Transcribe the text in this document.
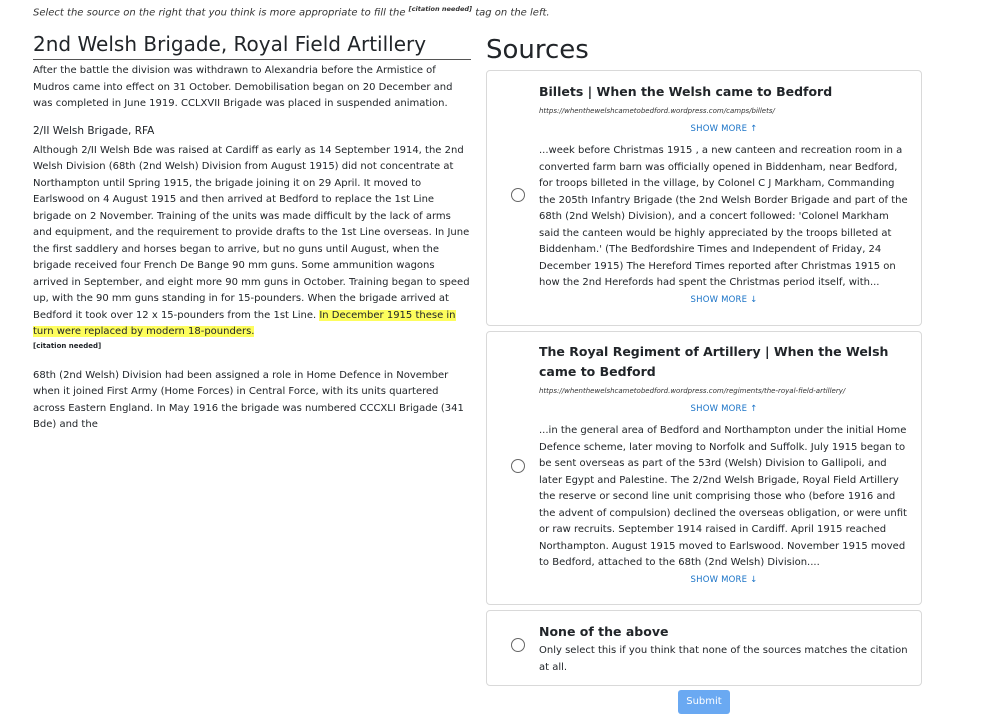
Select the source on the right that you think is more appropriate to fill the [citation needed] tag on the left.
2nd Welsh Brigade, Royal Field Artillery

After the battle the division was withdrawn to Alexandria before the Armistice of Mudros came into effect on 31 October. Demobilisation began on 20 December and was completed in June 1919. CCLXVII Brigade was placed in suspended animation.

2/II Welsh Brigade, RFA

Although 2/II Welsh Bde was raised at Cardiff as early as 14 September 1914, the 2nd Welsh Division (68th (2nd Welsh) Division from August 1915) did not concentrate at Northampton until Spring 1915, the brigade joining it on 29 April. It moved to Earlswood on 4 August 1915 and then arrived at Bedford to replace the 1st Line brigade on 2 November. Training of the units was made difficult by the lack of arms and equipment, and the requirement to provide drafts to the 1st Line overseas. In June the first saddlery and horses began to arrive, but no guns until August, when the brigade received four French De Bange 90 mm guns. Some ammunition wagons arrived in September, and eight more 90 mm guns in October. Training began to speed up, with the 90 mm guns standing in for 15-pounders. When the brigade arrived at Bedford it took over 12 x 15-pounders from the 1st Line. In December 1915 these in turn were replaced by modern 18-pounders.
[citation needed]

68th (2nd Welsh) Division had been assigned a role in Home Defence in November when it joined First Army (Home Forces) in Central Force, with its units quartered across Eastern England. In May 1916 the brigade was numbered CCCXLI Brigade (341 Bde) and the

Sources

Billets | When the Welsh came to Bedford

https://whenthewelshcametobedford.wordpress.com/camps/billets/
SHOW MORE ↑

...week before Christmas 1915 , a new canteen and recreation room in a converted farm barn was officially opened in Biddenham, near Bedford, for troops billeted in the village, by Colonel C J Markham, Commanding the 205th Infantry Brigade (the 2nd Welsh Border Brigade and part of the 68th (2nd Welsh) Division), and a concert followed: 'Colonel Markham said the canteen would be highly appreciated by the troops billeted at Biddenham.' (The Bedfordshire Times and Independent of Friday, 24 December 1915) The Hereford Times reported after Christmas 1915 on how the 2nd Herefords had spent the Christmas period itself, with...

SHOW MORE ↓

The Royal Regiment of Artillery | When the Welsh came to Bedford

https://whenthewelshcametobedford.wordpress.com/regiments/the-royal-field-artillery/
SHOW MORE ↑

...in the general area of Bedford and Northampton under the initial Home Defence scheme, later moving to Norfolk and Suffolk. July 1915 began to be sent overseas as part of the 53rd (Welsh) Division to Gallipoli, and later Egypt and Palestine. The 2/2nd Welsh Brigade, Royal Field Artillery the reserve or second line unit comprising those who (before 1916 and the advent of compulsion) declined the overseas obligation, or were unfit or raw recruits. September 1914 raised in Cardiff. April 1915 reached Northampton. August 1915 moved to Earlswood. November 1915 moved to Bedford, attached to the 68th (2nd Welsh) Division....

SHOW MORE ↓

None of the above

Only select this if you think that none of the sources matches the citation at all.

Submit
